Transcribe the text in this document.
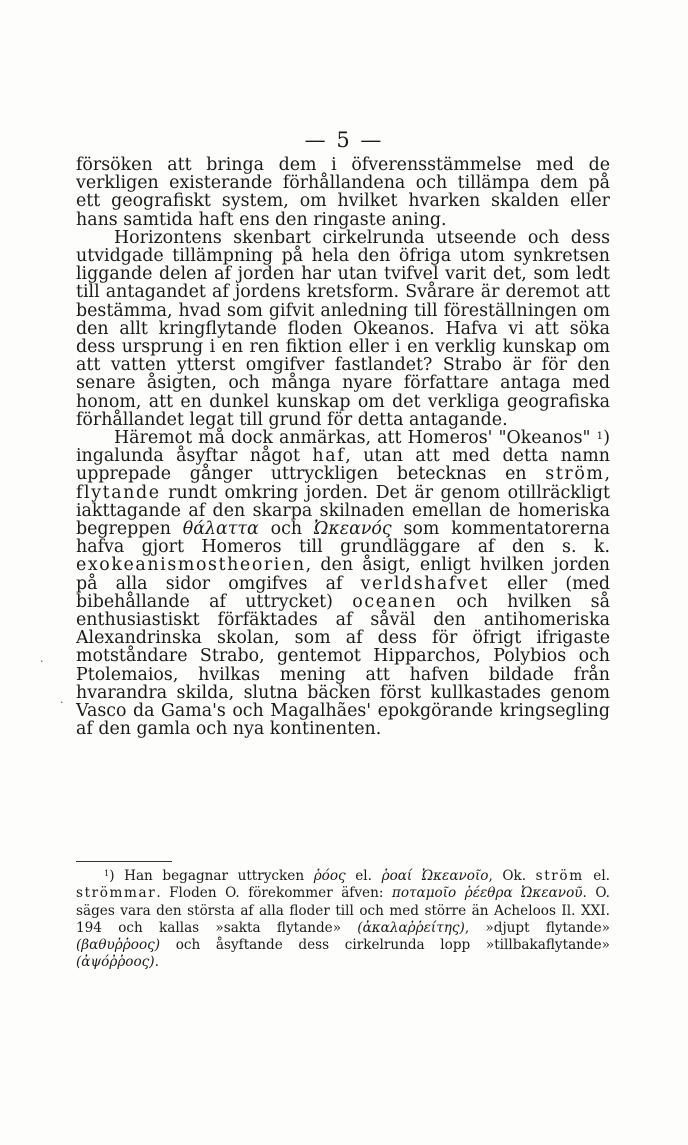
— 5 —

försöken att bringa dem i öfverensstämmelse med de verkligen existerande förhållandena och tillämpa dem på ett geografiskt system, om hvilket hvarken skalden eller hans samtida haft ens den ringaste aning.

Horizontens skenbart cirkelrunda utseende och dess utvidgade tillämpning på hela den öfriga utom synkretsen liggande delen af jorden har utan tvifvel varit det, som ledt till antagandet af jordens kretsform. Svårare är deremot att bestämma, hvad som gifvit anledning till föreställningen om den allt kringflytande floden Okeanos. Hafva vi att söka dess ursprung i en ren fiktion eller i en verklig kunskap om att vatten ytterst omgifver fastlandet? Strabo är för den senare åsigten, och många nyare författare antaga med honom, att en dunkel kunskap om det verkliga geografiska förhållandet legat till grund för detta antagande.

Häremot må dock anmärkas, att Homeros' "Okeanos" $^1$) ingalunda åsyftar något haf, utan att med detta namn upprepade gånger uttryckligen betecknas en ström, flytande rundt omkring jorden. Det är genom otillräckligt iakttagande af den skarpa skilnaden emellan de homeriska begreppen θάλαττα och Ὠκεανός som kommentatorerna hafva gjort Homeros till grundläggare af den s. k. exokeanismostheorien, den åsigt, enligt hvilken jorden på alla sidor omgifves af verldshafvet eller (med bibehållande af uttrycket) oceanen och hvilken så enthusiastiskt förfäktades af såväl den antihomeriska Alexandrinska skolan, som af dess för öfrigt ifrigaste motståndare Strabo, gentemot Hipparchos, Polybios och Ptolemaios, hvilkas mening att hafven bildade från hvarandra skilda, slutna bäcken först kullkastades genom Vasco da Gama's och Magalhães' epokgörande kringsegling af den gamla och nya kontinenten.

$^1$) Han begagnar uttrycken ῥόος el. ῥοαί Ὠκεανοῖο, Ok. ström el. strömmar. Floden O. förekommer äfven: ποταμοῖο ῥέεθρα Ὠκεανοῦ. O. säges vara den största af alla floder till och med större än Acheloos Il. XXI. 194 och kallas »sakta flytande» (ἀκαλαῤῥείτης), »djupt flytande» (βαθυῤῥοος) och åsyftande dess cirkelrunda lopp »tillbakaflytande» (ἀψόῤῥοος).

·
·
